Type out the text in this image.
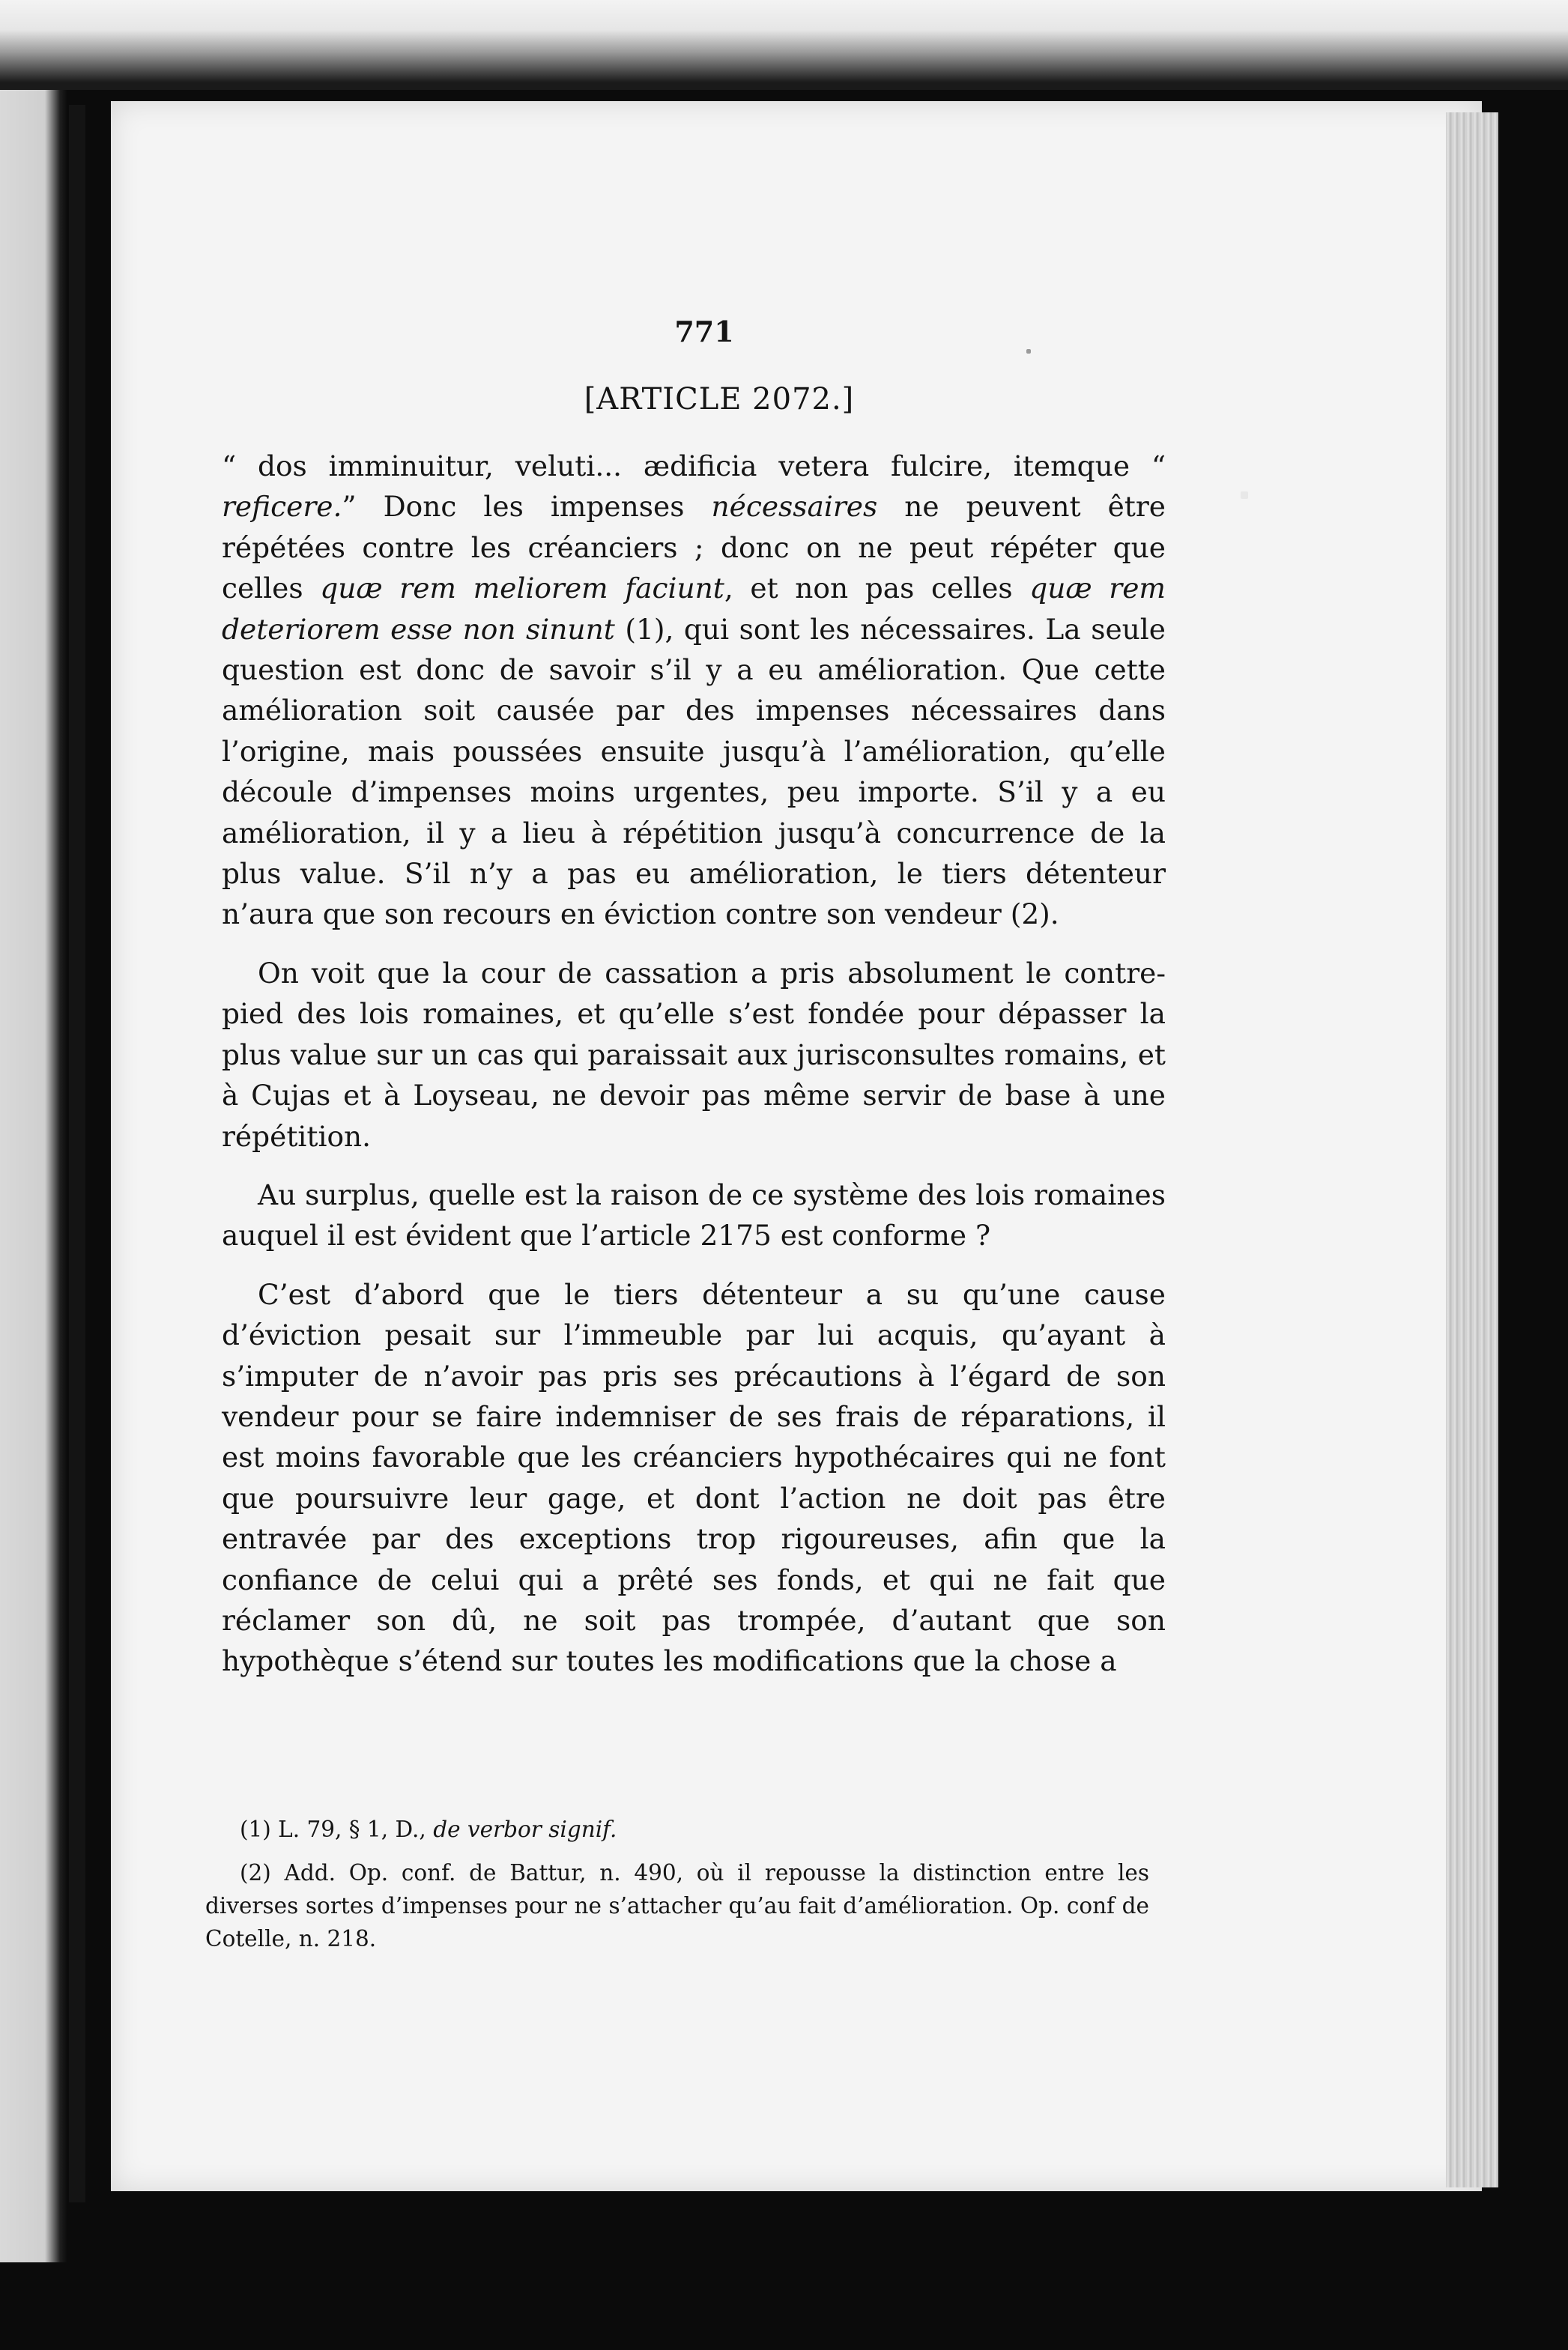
771
[ARTICLE 2072.]

“ dos imminuitur, veluti... ædificia vetera fulcire, itemque “ reficere.” Donc les impenses nécessaires ne peuvent être répétées contre les créanciers ; donc on ne peut répéter que celles quæ rem meliorem faciunt, et non pas celles quæ rem deteriorem esse non sinunt (1), qui sont les nécessaires. La seule question est donc de savoir s’il y a eu amélioration. Que cette amélioration soit causée par des impenses nécessaires dans l’origine, mais poussées ensuite jusqu’à l’amélioration, qu’elle découle d’impenses moins urgentes, peu importe. S’il y a eu amélioration, il y a lieu à répétition jusqu’à concurrence de la plus value. S’il n’y a pas eu amélioration, le tiers détenteur n’aura que son recours en éviction contre son vendeur (2).

On voit que la cour de cassation a pris absolument le contre-pied des lois romaines, et qu’elle s’est fondée pour dépasser la plus value sur un cas qui paraissait aux jurisconsultes romains, et à Cujas et à Loyseau, ne devoir pas même servir de base à une répétition.

Au surplus, quelle est la raison de ce système des lois romaines auquel il est évident que l’article 2175 est conforme ?

C’est d’abord que le tiers détenteur a su qu’une cause d’éviction pesait sur l’immeuble par lui acquis, qu’ayant à s’imputer de n’avoir pas pris ses précautions à l’égard de son vendeur pour se faire indemniser de ses frais de réparations, il est moins favorable que les créanciers hypothécaires qui ne font que poursuivre leur gage, et dont l’action ne doit pas être entravée par des exceptions trop rigoureuses, afin que la confiance de celui qui a prêté ses fonds, et qui ne fait que réclamer son dû, ne soit pas trompée, d’autant que son hypothèque s’étend sur toutes les modifications que la chose a

(1) L. 79, § 1, D., de verbor signif.

(2) Add. Op. conf. de Battur, n. 490, où il repousse la distinction entre les diverses sortes d’impenses pour ne s’attacher qu’au fait d’amélioration. Op. conf de Cotelle, n. 218.
